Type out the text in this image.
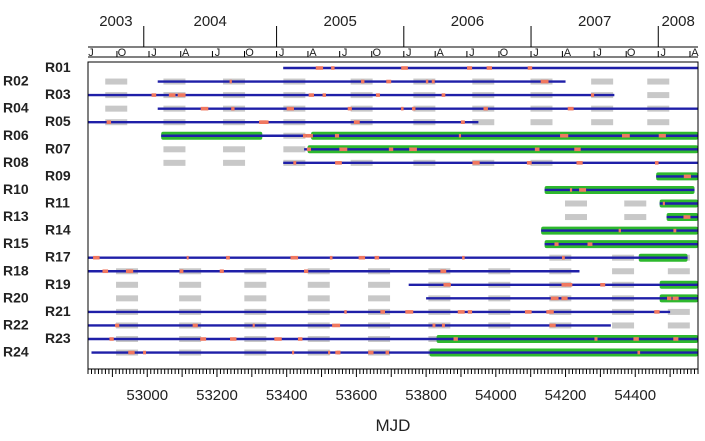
2003	2004	2005	2006	2007	2008
J O J A J O J A J O J A J O J A J O J A
R01
R02
R03
R04
R05
R06
R07
R08
R09
R10
R11
R13
R14
R15
R17
R18
R19
R20
R21
R22
R23
R24
53000 53200 53400 53600 53800 54000 54200 54400
MJD
